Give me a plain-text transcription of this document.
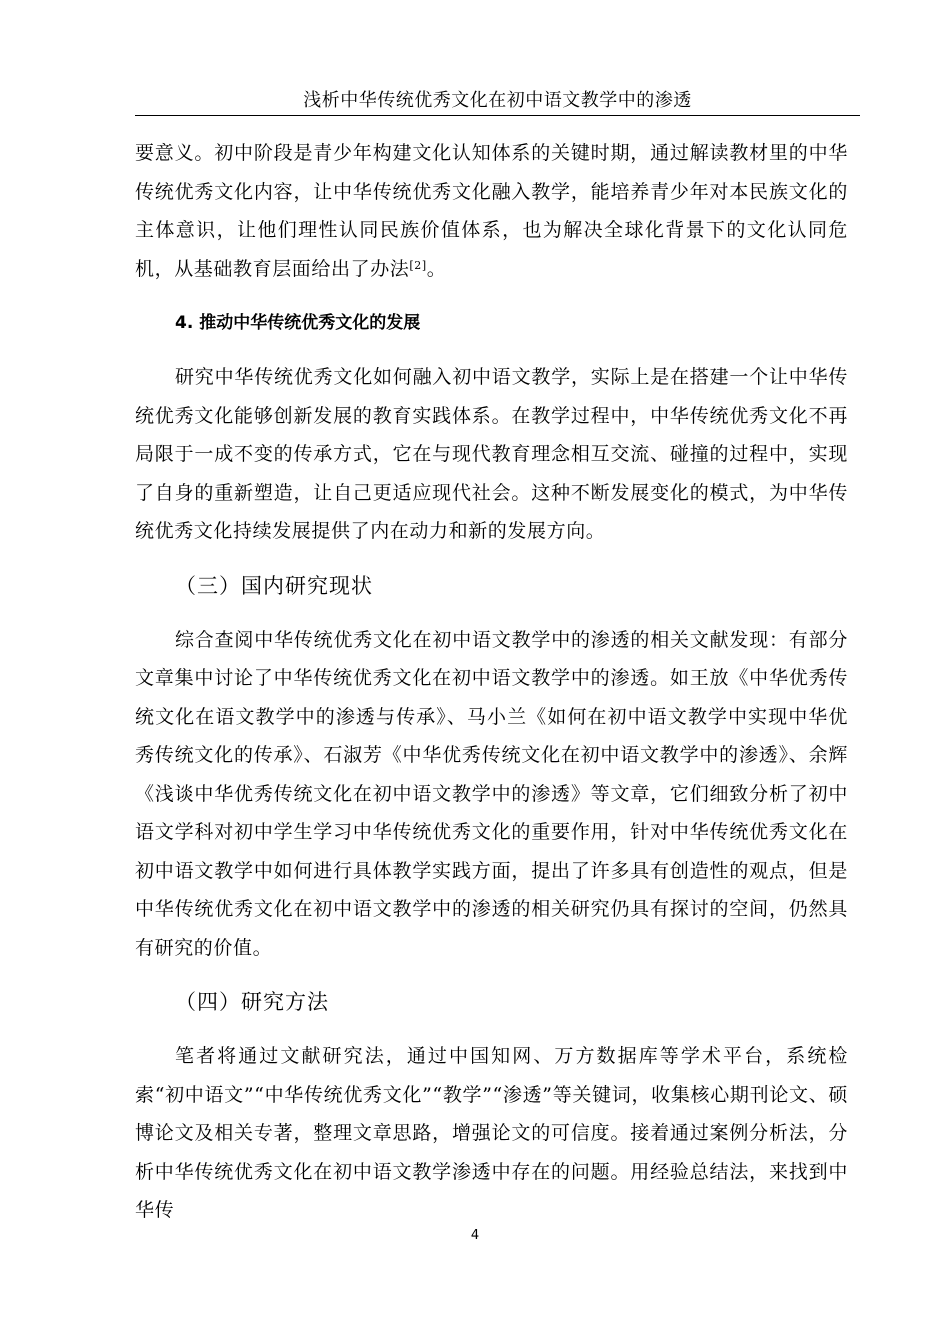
浅析中华传统优秀文化在初中语文教学中的渗透

要意义。初中阶段是青少年构建文化认知体系的关键时期，通过解读教材里的中华传统优秀文化内容，让中华传统优秀文化融入教学，能培养青少年对本民族文化的主体意识，让他们理性认同民族价值体系，也为解决全球化背景下的文化认同危机，从基础教育层面给出了办法[2]。

4. 推动中华传统优秀文化的发展

研究中华传统优秀文化如何融入初中语文教学，实际上是在搭建一个让中华传统优秀文化能够创新发展的教育实践体系。在教学过程中，中华传统优秀文化不再局限于一成不变的传承方式，它在与现代教育理念相互交流、碰撞的过程中，实现了自身的重新塑造，让自己更适应现代社会。这种不断发展变化的模式，为中华传统优秀文化持续发展提供了内在动力和新的发展方向。

（三）国内研究现状

综合查阅中华传统优秀文化在初中语文教学中的渗透的相关文献发现：有部分文章集中讨论了中华传统优秀文化在初中语文教学中的渗透。如王放《中华优秀传统文化在语文教学中的渗透与传承》、马小兰《如何在初中语文教学中实现中华优秀传统文化的传承》、石淑芳《中华优秀传统文化在初中语文教学中的渗透》、余辉《浅谈中华优秀传统文化在初中语文教学中的渗透》等文章，它们细致分析了初中语文学科对初中学生学习中华传统优秀文化的重要作用，针对中华传统优秀文化在初中语文教学中如何进行具体教学实践方面，提出了许多具有创造性的观点，但是中华传统优秀文化在初中语文教学中的渗透的相关研究仍具有探讨的空间，仍然具有研究的价值。

（四）研究方法

笔者将通过文献研究法，通过中国知网、万方数据库等学术平台，系统检索“初中语文”“中华传统优秀文化”“教学”“渗透”等关键词，收集核心期刊论文、硕博论文及相关专著，整理文章思路，增强论文的可信度。接着通过案例分析法，分析中华传统优秀文化在初中语文教学渗透中存在的问题。用经验总结法，来找到中华传

4
